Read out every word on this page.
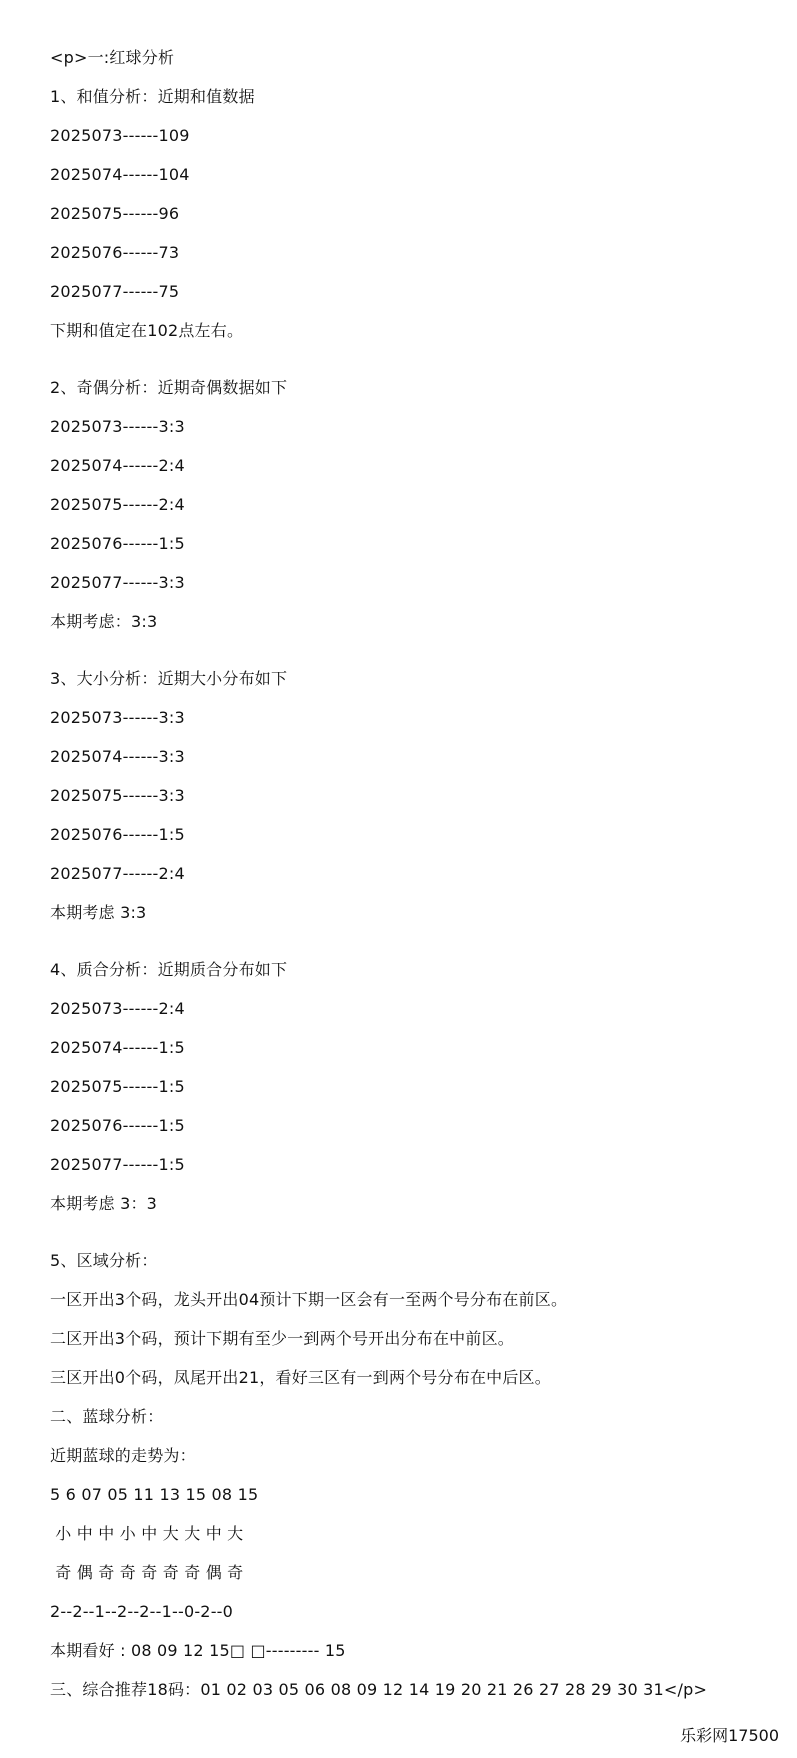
<p>一:红球分析
1、和值分析：近期和值数据
2025073------109
2025074------104
2025075------96
2025076------73
2025077------75
下期和值定在102点左右。
2、奇偶分析：近期奇偶数据如下
2025073------3:3
2025074------2:4
2025075------2:4
2025076------1:5
2025077------3:3
本期考虑：3:3
3、大小分析：近期大小分布如下
2025073------3:3
2025074------3:3
2025075------3:3
2025076------1:5
2025077------2:4
本期考虑 3:3
4、质合分析：近期质合分布如下
2025073------2:4
2025074------1:5
2025075------1:5
2025076------1:5
2025077------1:5
本期考虑 3：3
5、区域分析：
一区开出3个码，龙头开出04预计下期一区会有一至两个号分布在前区。
二区开出3个码，预计下期有至少一到两个号开出分布在中前区。
三区开出0个码，凤尾开出21，看好三区有一到两个号分布在中后区。
二、蓝球分析：
近期蓝球的走势为：
5 6 07 05 11 13 15 08 15
小 中 中 小 中 大 大 中 大
奇 偶 奇 奇 奇 奇 奇 偶 奇
2--2--1--2--2--1--0-2--0
本期看好 : 08 09 12 15□ □--------- 15
三、综合推荐18码：01 02 03 05 06 08 09 12 14 19 20 21 26 27 28 29 30 31</p>
乐彩网17500
